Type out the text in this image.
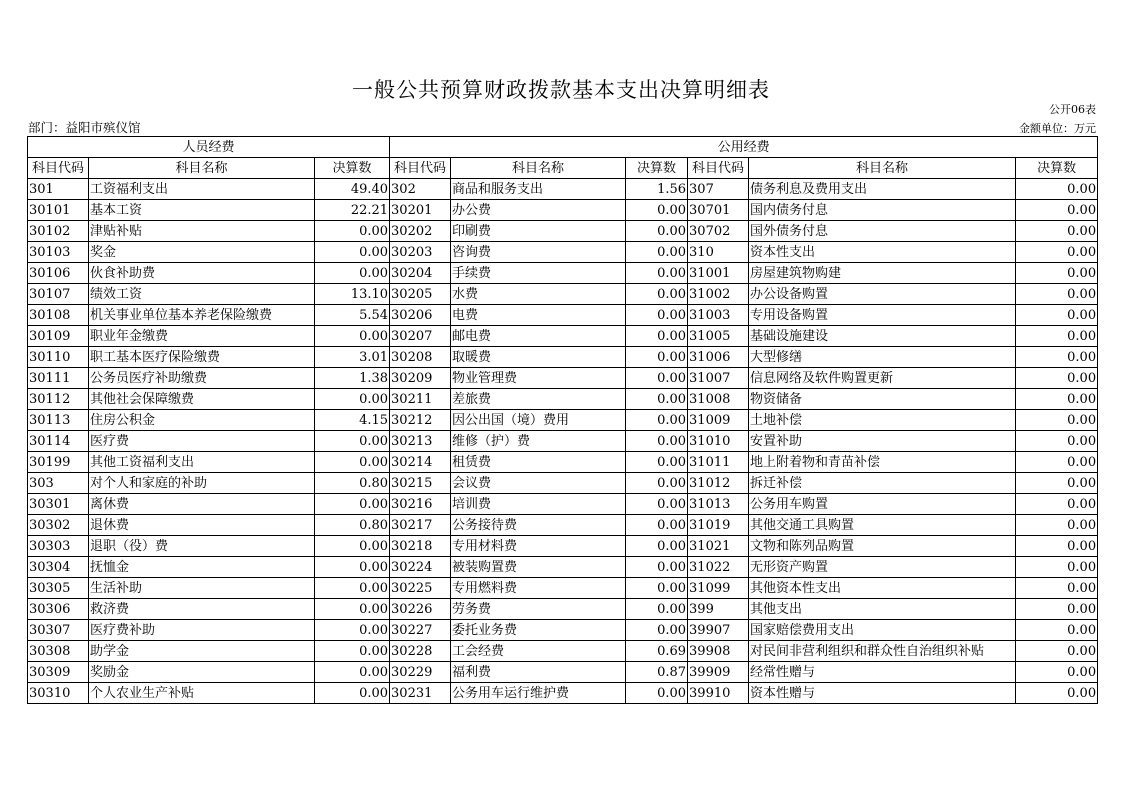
一般公共预算财政拨款基本支出决算明细表
公开06表
部门：益阳市殡仪馆	金额单位：万元
人员经费			公用经费					
科目代码	科目名称	决算数	科目代码	科目名称	决算数	科目代码	科目名称	决算数
301	工资福利支出	49.40	302	商品和服务支出	1.56	307	债务利息及费用支出	0.00
30101	基本工资	22.21	30201	办公费	0.00	30701	国内债务付息	0.00
30102	津贴补贴	0.00	30202	印刷费	0.00	30702	国外债务付息	0.00
30103	奖金	0.00	30203	咨询费	0.00	310	资本性支出	0.00
30106	伙食补助费	0.00	30204	手续费	0.00	31001	房屋建筑物购建	0.00
30107	绩效工资	13.10	30205	水费	0.00	31002	办公设备购置	0.00
30108	机关事业单位基本养老保险缴费	5.54	30206	电费	0.00	31003	专用设备购置	0.00
30109	职业年金缴费	0.00	30207	邮电费	0.00	31005	基础设施建设	0.00
30110	职工基本医疗保险缴费	3.01	30208	取暖费	0.00	31006	大型修缮	0.00
30111	公务员医疗补助缴费	1.38	30209	物业管理费	0.00	31007	信息网络及软件购置更新	0.00
30112	其他社会保障缴费	0.00	30211	差旅费	0.00	31008	物资储备	0.00
30113	住房公积金	4.15	30212	因公出国（境）费用	0.00	31009	土地补偿	0.00
30114	医疗费	0.00	30213	维修（护）费	0.00	31010	安置补助	0.00
30199	其他工资福利支出	0.00	30214	租赁费	0.00	31011	地上附着物和青苗补偿	0.00
303	对个人和家庭的补助	0.80	30215	会议费	0.00	31012	拆迁补偿	0.00
30301	离休费	0.00	30216	培训费	0.00	31013	公务用车购置	0.00
30302	退休费	0.80	30217	公务接待费	0.00	31019	其他交通工具购置	0.00
30303	退职（役）费	0.00	30218	专用材料费	0.00	31021	文物和陈列品购置	0.00
30304	抚恤金	0.00	30224	被装购置费	0.00	31022	无形资产购置	0.00
30305	生活补助	0.00	30225	专用燃料费	0.00	31099	其他资本性支出	0.00
30306	救济费	0.00	30226	劳务费	0.00	399	其他支出	0.00
30307	医疗费补助	0.00	30227	委托业务费	0.00	39907	国家赔偿费用支出	0.00
30308	助学金	0.00	30228	工会经费	0.69	39908	对民间非营利组织和群众性自治组织补贴	0.00
30309	奖励金	0.00	30229	福利费	0.87	39909	经常性赠与	0.00
30310	个人农业生产补贴	0.00	30231	公务用车运行维护费	0.00	39910	资本性赠与	0.00
